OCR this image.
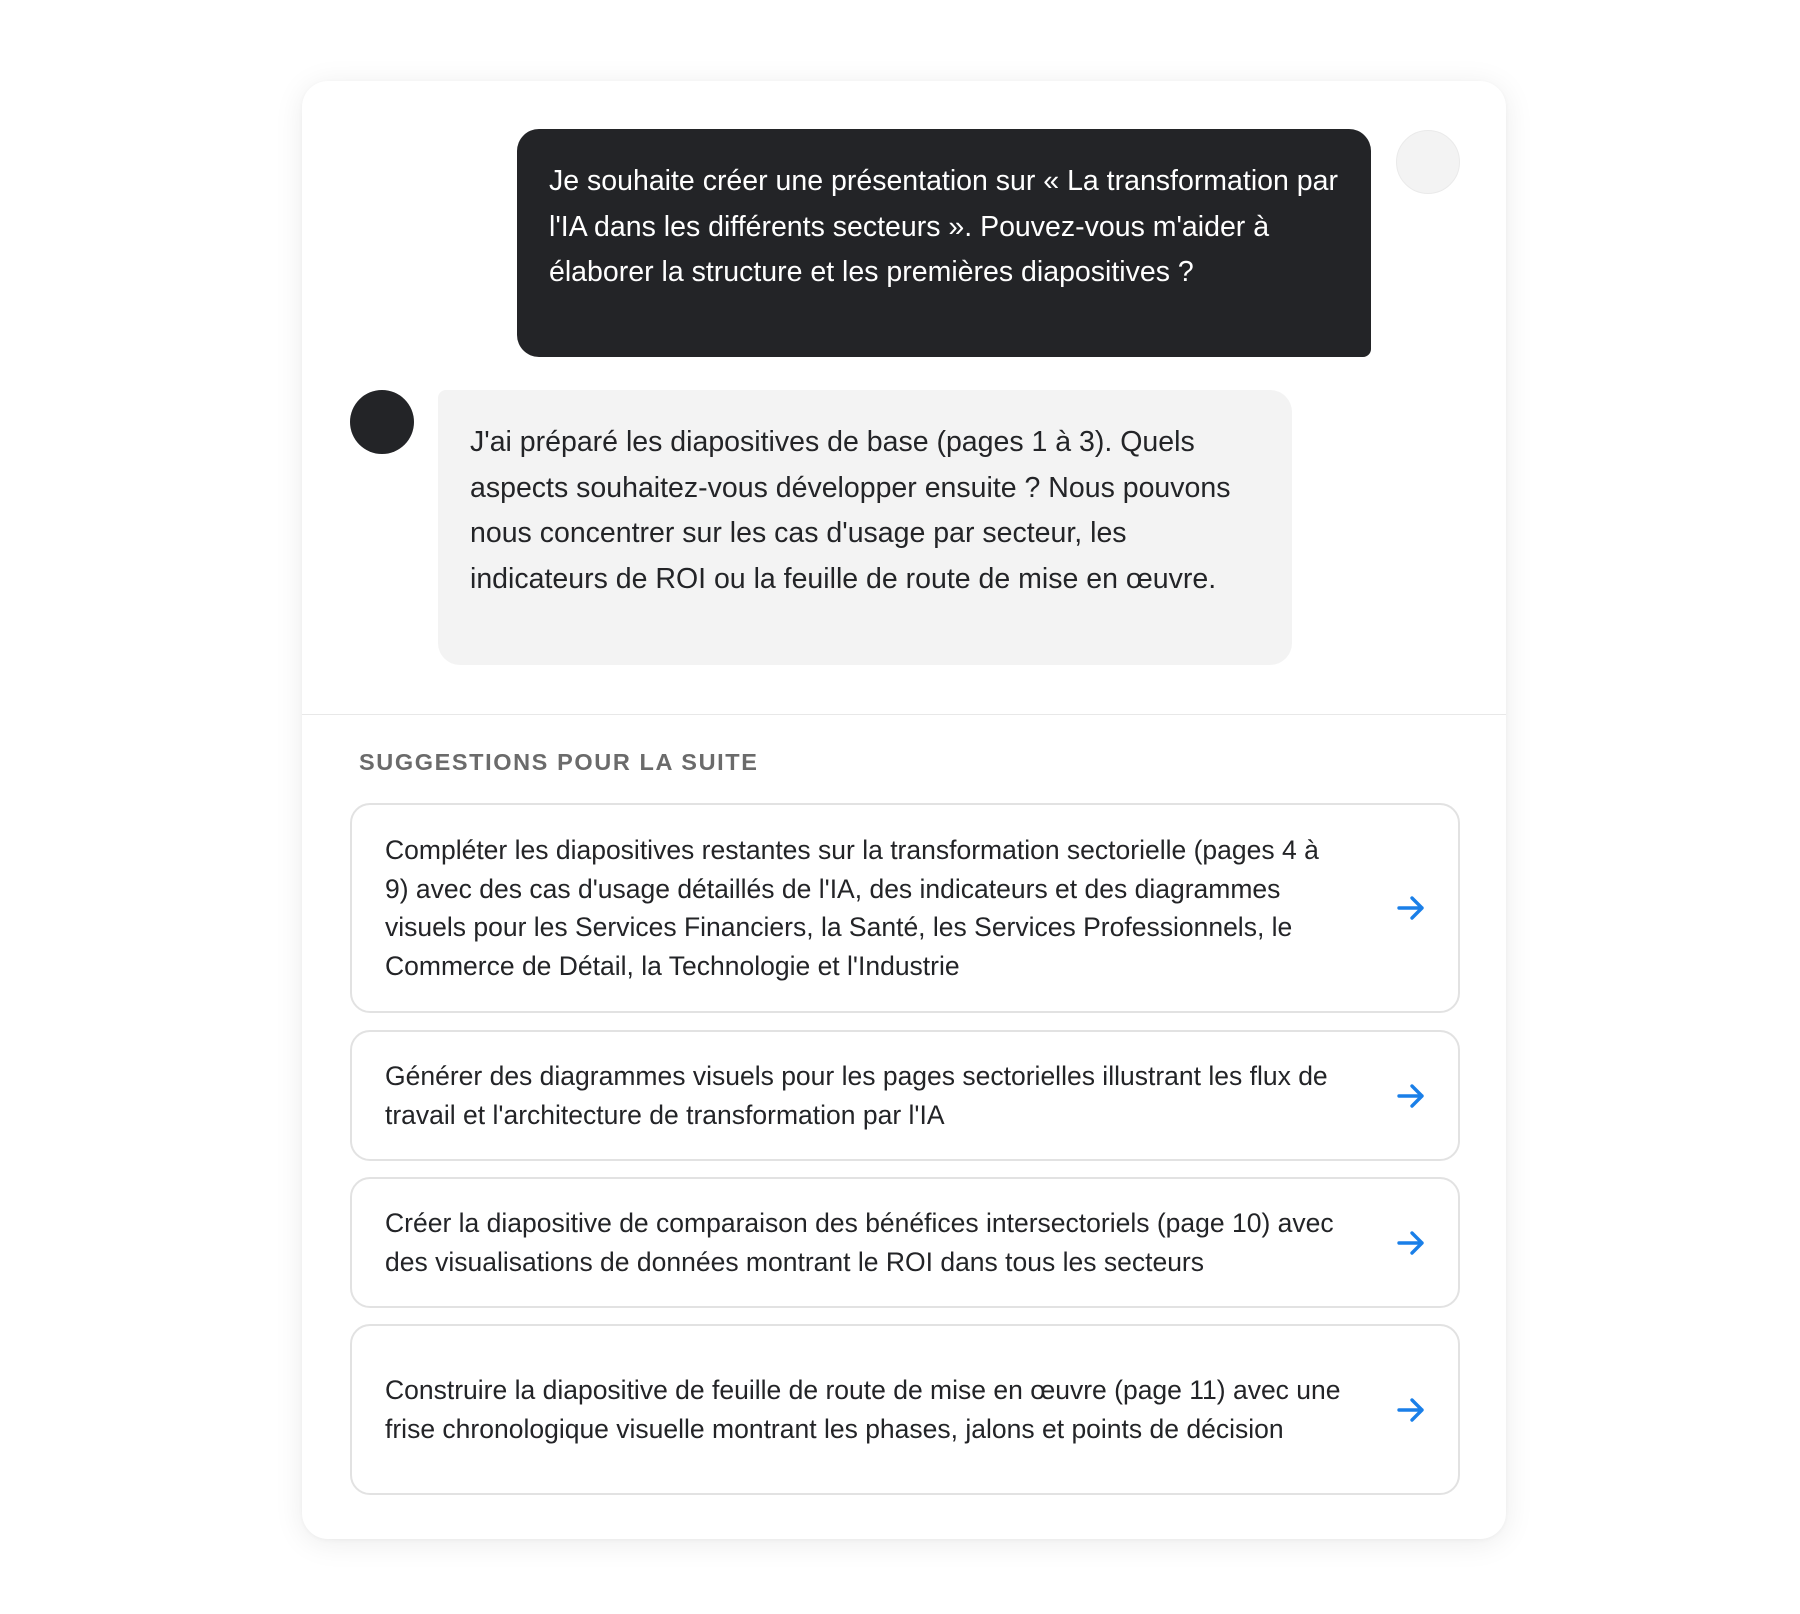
Je souhaite créer une présentation sur « La transformation par l'IA dans les différents secteurs ». Pouvez-vous m'aider à élaborer la structure et les premières diapositives ?
J'ai préparé les diapositives de base (pages 1 à 3). Quels aspects souhaitez-vous développer ensuite ? Nous pouvons nous concentrer sur les cas d'usage par secteur, les indicateurs de ROI ou la feuille de route de mise en œuvre.
SUGGESTIONS POUR LA SUITE
Compléter les diapositives restantes sur la transformation sectorielle (pages 4 à 9) avec des cas d'usage détaillés de l'IA, des indicateurs et des diagrammes visuels pour les Services Financiers, la Santé, les Services Professionnels, le Commerce de Détail, la Technologie et l'Industrie
Générer des diagrammes visuels pour les pages sectorielles illustrant les flux de travail et l'architecture de transformation par l'IA
Créer la diapositive de comparaison des bénéfices intersectoriels (page 10) avec des visualisations de données montrant le ROI dans tous les secteurs
Construire la diapositive de feuille de route de mise en œuvre (page 11) avec une frise chronologique visuelle montrant les phases, jalons et points de décision
